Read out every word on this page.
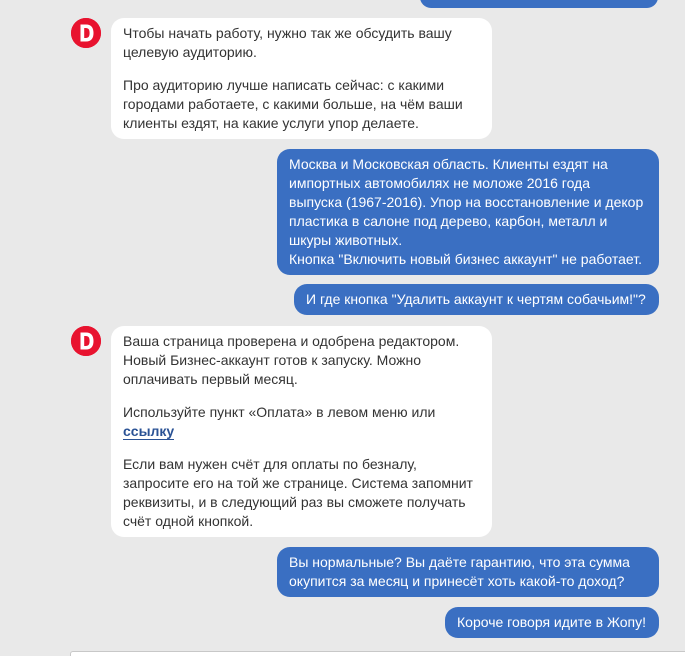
Чтобы начать работу, нужно так же обсудить вашу целевую аудиторию.

Про аудиторию лучше написать сейчас: с какими городами работаете, с какими больше, на чём ваши клиенты ездят, на какие услуги упор делаете.

Москва и Московская область. Клиенты ездят на импортных автомобилях не моложе 2016 года выпуска (1967-2016). Упор на восстановление и декор пластика в салоне под дерево, карбон, металл и шкуры животных.
Кнопка "Включить новый бизнес аккаунт" не работает.
И где кнопка "Удалить аккаунт к чертям собачьим!"?

Ваша страница проверена и одобрена редактором. Новый Бизнес-аккаунт готов к запуску. Можно оплачивать первый месяц.

Используйте пункт «Оплата» в левом меню или
ссылку

Если вам нужен счёт для оплаты по безналу, запросите его на той же странице. Система запомнит реквизиты, и в следующий раз вы сможете получать счёт одной кнопкой.

Вы нормальные? Вы даёте гарантию, что эта сумма окупится за месяц и принесёт хоть какой-то доход?
Короче говоря идите в Жопу!
